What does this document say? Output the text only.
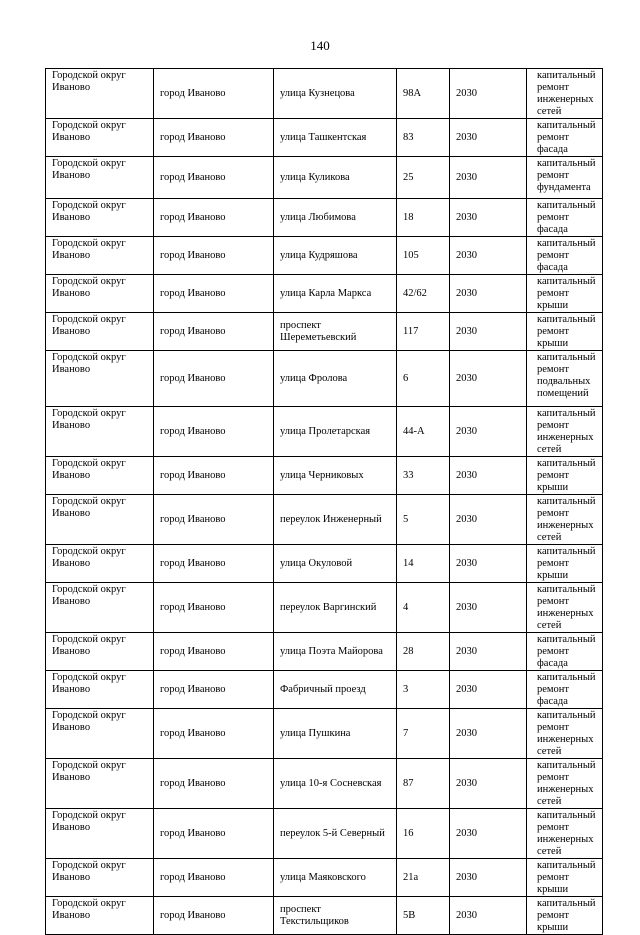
140
Городской округ Иваново	город Иваново	улица Кузнецова	98А	2030	капитальный ремонт инженерных сетей
Городской округ Иваново	город Иваново	улица Ташкентская	83	2030	капитальный ремонт фасада
Городской округ Иваново	город Иваново	улица Куликова	25	2030	капитальный ремонт фундамента
Городской округ Иваново	город Иваново	улица Любимова	18	2030	капитальный ремонт фасада
Городской округ Иваново	город Иваново	улица Кудряшова	105	2030	капитальный ремонт фасада
Городской округ Иваново	город Иваново	улица Карла Маркса	42/62	2030	капитальный ремонт крыши
Городской округ Иваново	город Иваново	проспект Шереметьевский	117	2030	капитальный ремонт крыши
Городской округ Иваново	город Иваново	улица Фролова	6	2030	капитальный ремонт подвальных помещений
Городской округ Иваново	город Иваново	улица Пролетарская	44-А	2030	капитальный ремонт инженерных сетей
Городской округ Иваново	город Иваново	улица Черниковых	33	2030	капитальный ремонт крыши
Городской округ Иваново	город Иваново	переулок Инженерный	5	2030	капитальный ремонт инженерных сетей
Городской округ Иваново	город Иваново	улица Окуловой	14	2030	капитальный ремонт крыши
Городской округ Иваново	город Иваново	переулок Варгинский	4	2030	капитальный ремонт инженерных сетей
Городской округ Иваново	город Иваново	улица Поэта Майорова	28	2030	капитальный ремонт фасада
Городской округ Иваново	город Иваново	Фабричный проезд	3	2030	капитальный ремонт фасада
Городской округ Иваново	город Иваново	улица Пушкина	7	2030	капитальный ремонт инженерных сетей
Городской округ Иваново	город Иваново	улица 10-я Сосневская	87	2030	капитальный ремонт инженерных сетей
Городской округ Иваново	город Иваново	переулок 5-й Северный	16	2030	капитальный ремонт инженерных сетей
Городской округ Иваново	город Иваново	улица Маяковского	21а	2030	капитальный ремонт крыши
Городской округ Иваново	город Иваново	проспект Текстильщиков	5В	2030	капитальный ремонт крыши
